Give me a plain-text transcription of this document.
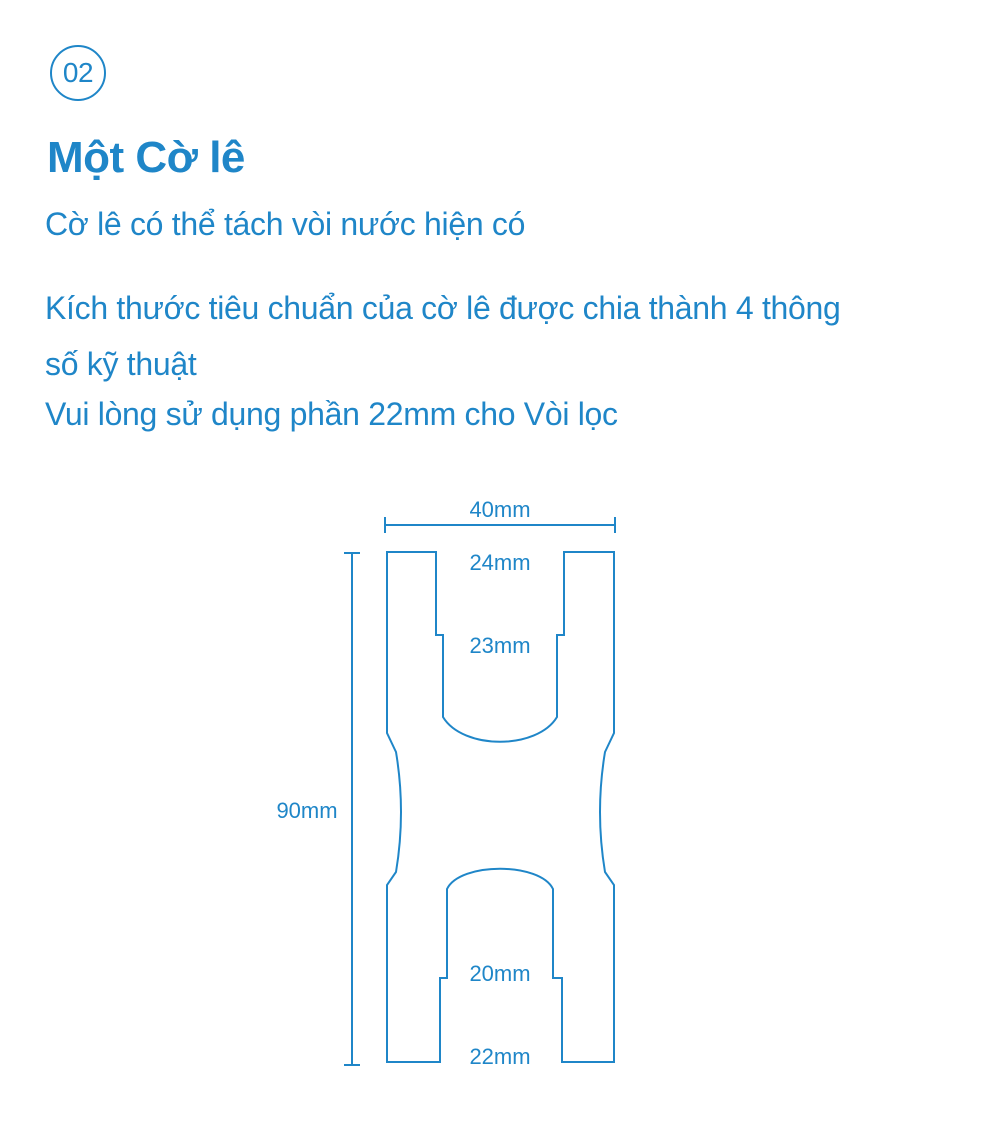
02
Một Cờ lê

Cờ lê có thể tách vòi nước hiện có

Kích thước tiêu chuẩn của cờ lê được chia thành 4 thông

số kỹ thuật

Vui lòng sử dụng phần 22mm cho Vòi lọc

40mm
90mm
24mm
23mm
20mm
22mm
